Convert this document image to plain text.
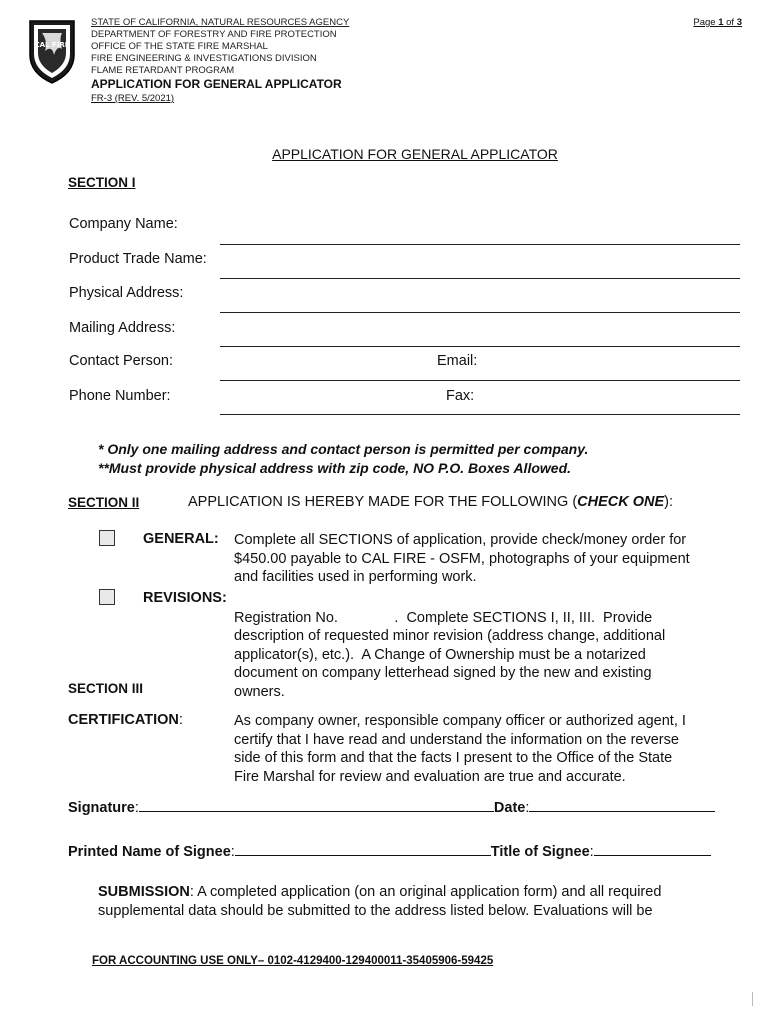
CAL FIRE
STATE OF CALIFORNIA, NATURAL RESOURCES AGENCY
DEPARTMENT OF FORESTRY AND FIRE PROTECTION
OFFICE OF THE STATE FIRE MARSHAL
FIRE ENGINEERING & INVESTIGATIONS DIVISION
FLAME RETARDANT PROGRAM
APPLICATION FOR GENERAL APPLICATOR
FR-3 (REV. 5/2021)
Page 1 of 3
APPLICATION FOR GENERAL APPLICATOR
SECTION I
Company Name:
Product Trade Name:
Physical Address:
Mailing Address:
Contact Person:	Email:
Phone Number:	Fax:
* Only one mailing address and contact person is permitted per company.
**Must provide physical address with zip code, NO P.O. Boxes Allowed.
SECTION II	APPLICATION IS HEREBY MADE FOR THE FOLLOWING (CHECK ONE):
GENERAL: Complete all SECTIONS of application, provide check/money order for
$450.00 payable to CAL FIRE - OSFM, photographs of your equipment
and facilities used in performing work.
REVISIONS:

Registration No.              .  Complete SECTIONS I, II, III.  Provide
description of requested minor revision (address change, additional
applicator(s), etc.).  A Change of Ownership must be a notarized
document on company letterhead signed by the new and existing
owners.
SECTION III
CERTIFICATION:	As company owner, responsible company officer or authorized agent, I
certify that I have read and understand the information on the reverse
side of this form and that the facts I present to the Office of the State
Fire Marshal for review and evaluation are true and accurate.
Signature:	Date:
Printed Name of Signee:	Title of Signee:
SUBMISSION: A completed application (on an original application form) and all required
supplemental data should be submitted to the address listed below. Evaluations will be
FOR ACCOUNTING USE ONLY– 0102-4129400-129400011-35405906-59425
